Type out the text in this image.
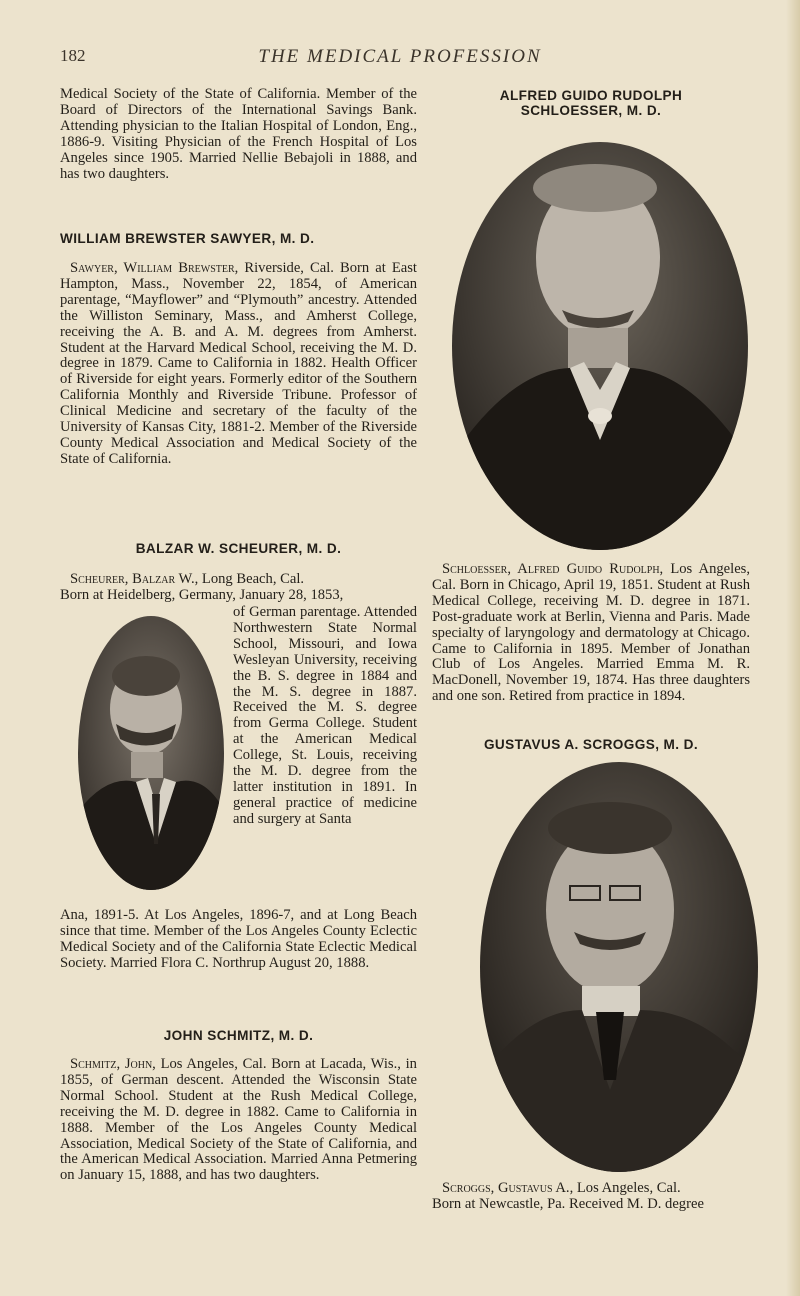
182	THE MEDICAL PROFESSION

Medical Society of the State of California. Member of the Board of Directors of the International Savings Bank. Attending physician to the Italian Hospital of London, Eng., 1886-9. Visiting Physician of the French Hospital of Los Angeles since 1905. Married Nellie Bebajoli in 1888, and has two daughters.

WILLIAM BREWSTER SAWYER, M. D.

Sawyer, William Brewster, Riverside, Cal. Born at East Hampton, Mass., November 22, 1854, of American parentage, “Mayflower” and “Plymouth” ancestry. Attended the Williston Seminary, Mass., and Amherst College, receiving the A. B. and A. M. degrees from Amherst. Student at the Harvard Medical School, receiving the M. D. degree in 1879. Came to California in 1882. Health Officer of Riverside for eight years. Formerly editor of the Southern California Monthly and Riverside Tribune. Professor of Clinical Medicine and secretary of the faculty of the University of Kansas City, 1881-2. Member of the Riverside County Medical Association and Medical Society of the State of California.

BALZAR W. SCHEURER, M. D.

Scheurer, Balzar W., Long Beach, Cal.

Born at Heidelberg, Germany, January 28, 1853,

of German parentage. Attended Northwestern State Normal School, Missouri, and Iowa Wesleyan University, receiving the B. S. degree in 1884 and the M. S. degree in 1887. Received the M. S. degree from Germa College. Student at the American Medical College, St. Louis, receiving the M. D. degree from the latter institution in 1891. In general practice of medicine and surgery at Santa

Ana, 1891-5. At Los Angeles, 1896-7, and at Long Beach since that time. Member of the Los Angeles County Eclectic Medical Society and of the California State Eclectic Medical Society. Married Flora C. Northrup August 20, 1888.

JOHN SCHMITZ, M. D.

Schmitz, John, Los Angeles, Cal. Born at Lacada, Wis., in 1855, of German descent. Attended the Wisconsin State Normal School. Student at the Rush Medical College, receiving the M. D. degree in 1882. Came to California in 1888. Member of the Los Angeles County Medical Association, Medical Society of the State of California, and the American Medical Association. Married Anna Petmering on January 15, 1888, and has two daughters.

ALFRED GUIDO RUDOLPH
SCHLOESSER, M. D.

Schloesser, Alfred Guido Rudolph, Los Angeles, Cal. Born in Chicago, April 19, 1851. Student at Rush Medical College, receiving M. D. degree in 1871. Post-graduate work at Berlin, Vienna and Paris. Made specialty of laryngology and dermatology at Chicago. Came to California in 1895. Member of Jonathan Club of Los Angeles. Married Emma M. R. MacDonell, November 19, 1874. Has three daughters and one son. Retired from practice in 1894.

GUSTAVUS A. SCROGGS, M. D.

Scroggs, Gustavus A., Los Angeles, Cal.

Born at Newcastle, Pa. Received M. D. degree
